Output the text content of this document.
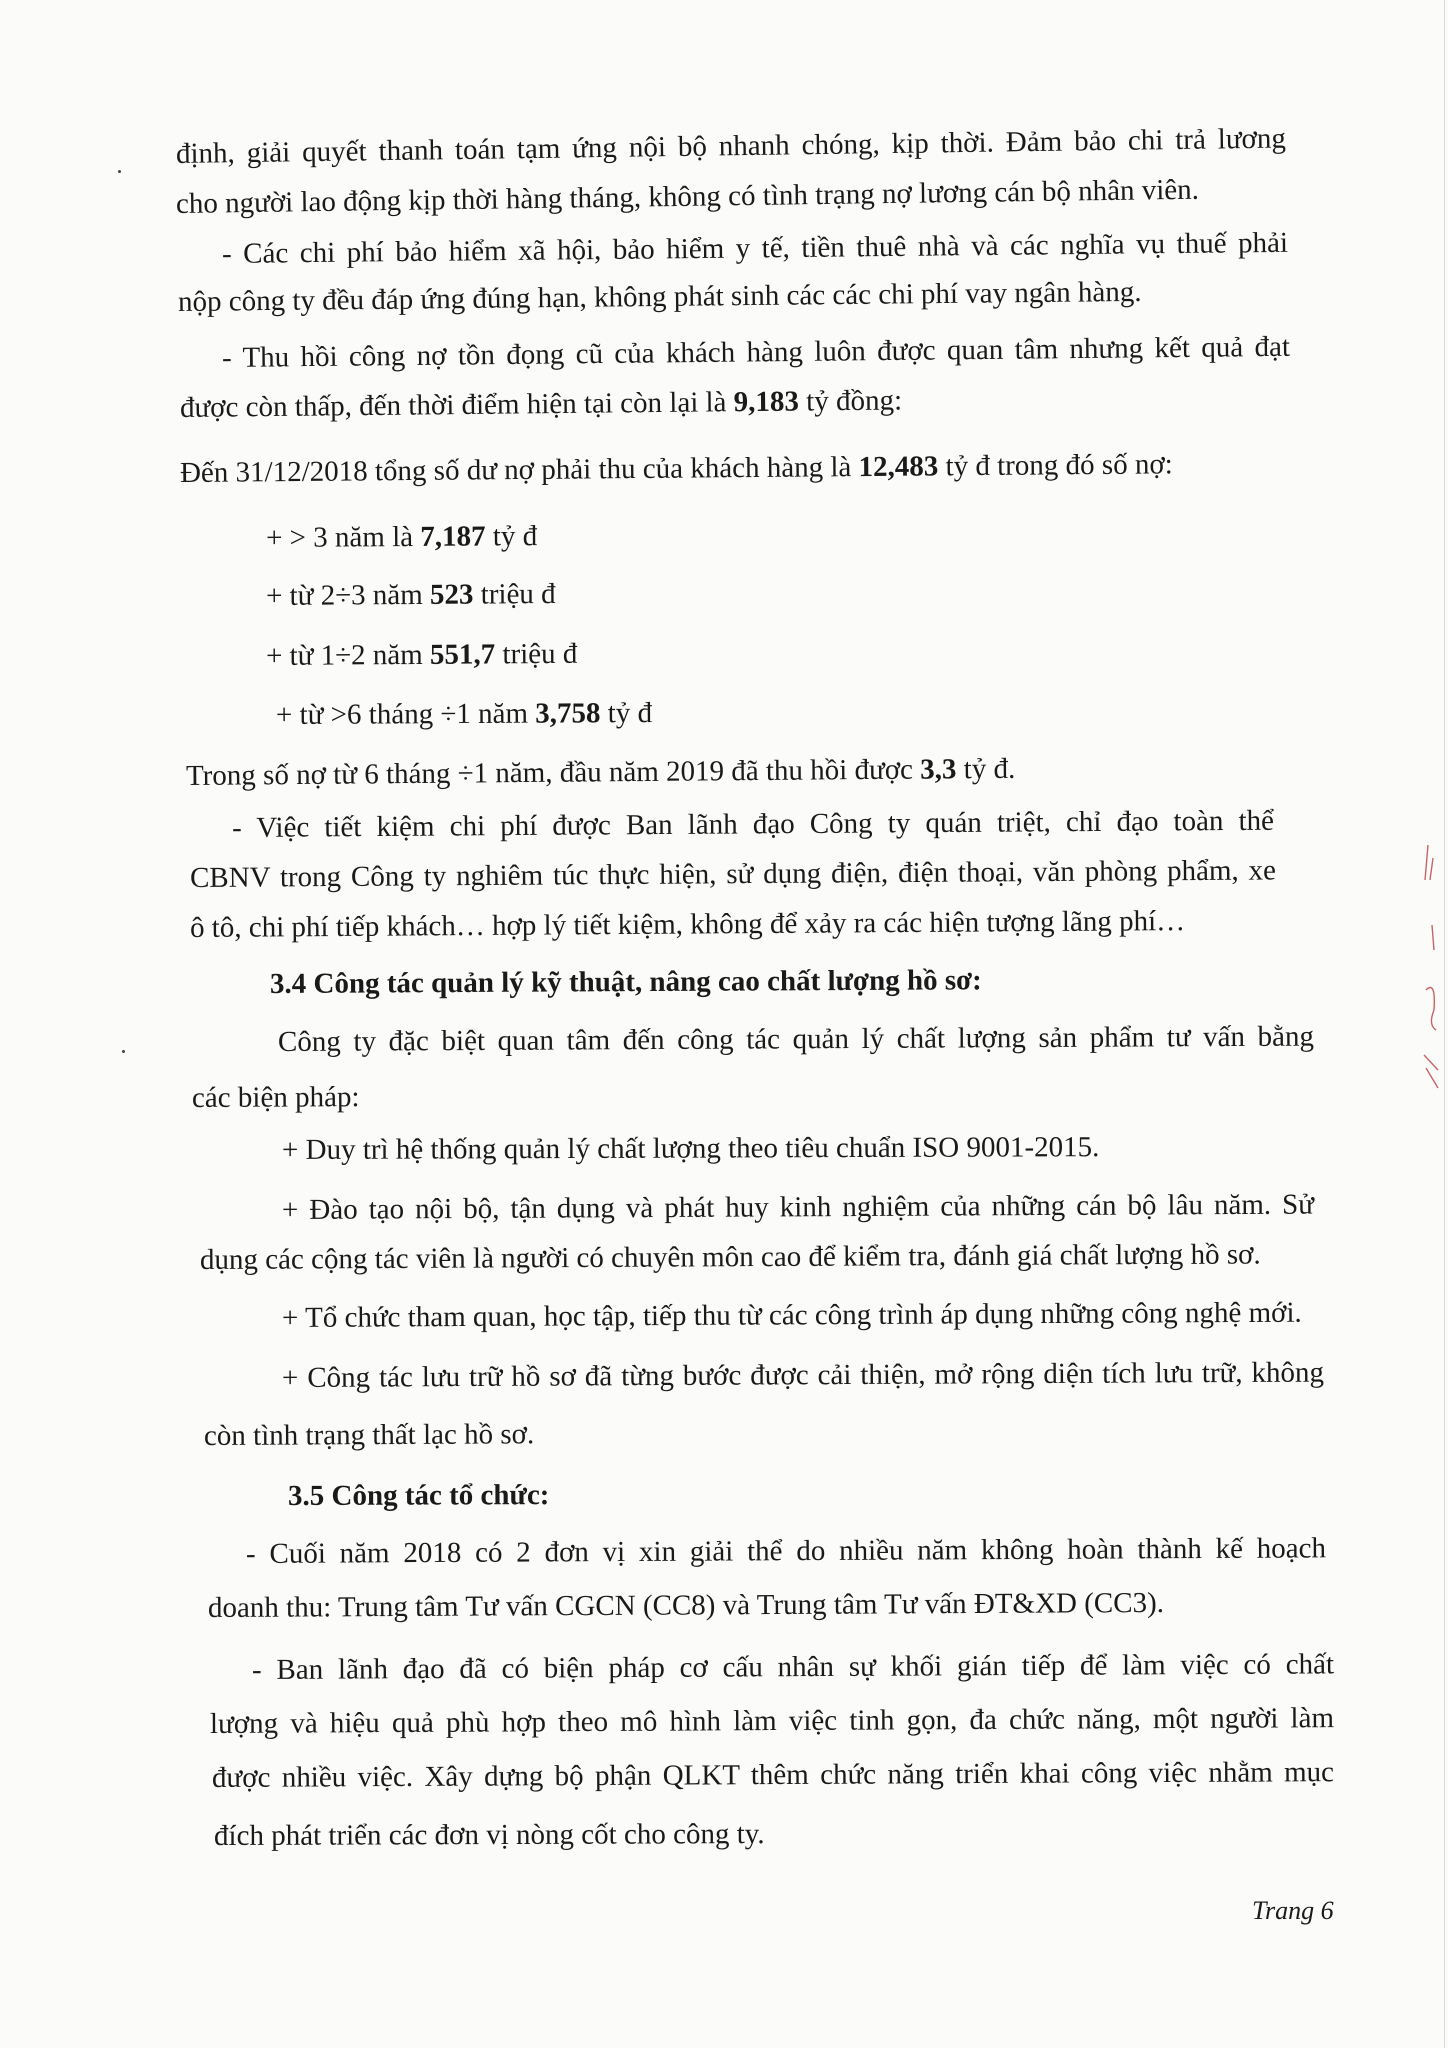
định, giải quyết thanh toán tạm ứng nội bộ nhanh chóng, kịp thời. Đảm bảo chi trả lương
cho người lao động kịp thời hàng tháng, không có tình trạng nợ lương cán bộ nhân viên.
- Các chi phí bảo hiểm xã hội, bảo hiểm y tế, tiền thuê nhà và các nghĩa vụ thuế phải
nộp công ty đều đáp ứng đúng hạn, không phát sinh các các chi phí vay ngân hàng.
- Thu hồi công nợ tồn đọng cũ của khách hàng luôn được quan tâm nhưng kết quả đạt
được còn thấp, đến thời điểm hiện tại còn lại là 9,183 tỷ đồng:
Đến 31/12/2018 tổng số dư nợ phải thu của khách hàng là 12,483 tỷ đ trong đó số nợ:
+ > 3 năm là 7,187 tỷ đ
+ từ 2÷3 năm 523 triệu đ
+ từ 1÷2 năm 551,7 triệu đ
+ từ >6 tháng ÷1 năm 3,758 tỷ đ
Trong số nợ từ 6 tháng ÷1 năm, đầu năm 2019 đã thu hồi được 3,3 tỷ đ.
- Việc tiết kiệm chi phí được Ban lãnh đạo Công ty quán triệt, chỉ đạo toàn thể
CBNV trong Công ty nghiêm túc thực hiện, sử dụng điện, điện thoại, văn phòng phẩm, xe
ô tô, chi phí tiếp khách… hợp lý tiết kiệm, không để xảy ra các hiện tượng lãng phí…
3.4 Công tác quản lý kỹ thuật, nâng cao chất lượng hồ sơ:
Công ty đặc biệt quan tâm đến công tác quản lý chất lượng sản phẩm tư vấn bằng
các biện pháp:
+ Duy trì hệ thống quản lý chất lượng theo tiêu chuẩn ISO 9001-2015.
+ Đào tạo nội bộ, tận dụng và phát huy kinh nghiệm của những cán bộ lâu năm. Sử
dụng các cộng tác viên là người có chuyên môn cao để kiểm tra, đánh giá chất lượng hồ sơ.
+ Tổ chức tham quan, học tập, tiếp thu từ các công trình áp dụng những công nghệ mới.
+ Công tác lưu trữ hồ sơ đã từng bước được cải thiện, mở rộng diện tích lưu trữ, không
còn tình trạng thất lạc hồ sơ.
3.5 Công tác tổ chức:
- Cuối năm 2018 có 2 đơn vị xin giải thể do nhiều năm không hoàn thành kế hoạch
doanh thu: Trung tâm Tư vấn CGCN (CC8) và Trung tâm Tư vấn ĐT&XD (CC3).
- Ban lãnh đạo đã có biện pháp cơ cấu nhân sự khối gián tiếp để làm việc có chất
lượng và hiệu quả phù hợp theo mô hình làm việc tinh gọn, đa chức năng, một người làm
được nhiều việc. Xây dựng bộ phận QLKT thêm chức năng triển khai công việc nhằm mục
đích phát triển các đơn vị nòng cốt cho công ty.
Trang 6
